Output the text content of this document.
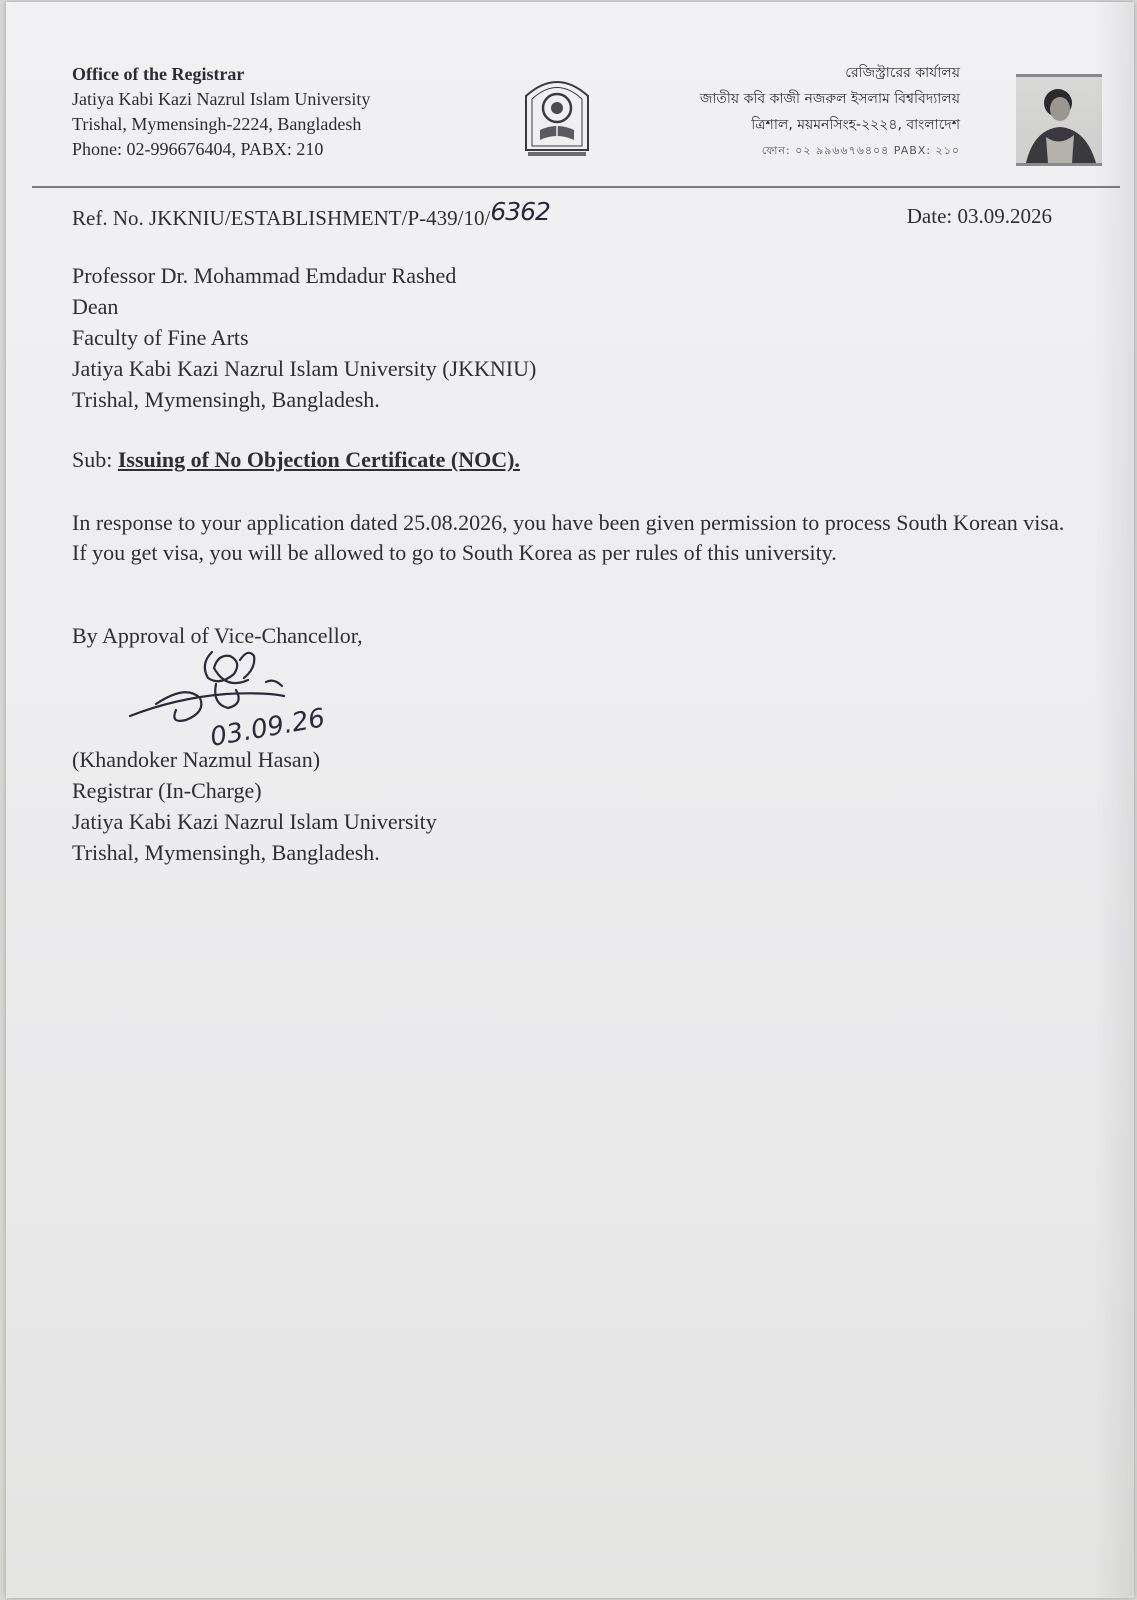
Office of the Registrar
Jatiya Kabi Kazi Nazrul Islam University
Trishal, Mymensingh-2224, Bangladesh
Phone: 02-996676404, PABX: 210
রেজিস্ট্রারের কার্যালয়
জাতীয় কবি কাজী নজরুল ইসলাম বিশ্ববিদ্যালয়
ত্রিশাল, ময়মনসিংহ-২২২৪, বাংলাদেশ
ফোন: ০২ ৯৯৬৬৭৬৪০৪ PABX: ২১০
Ref. No. JKKNIU/ESTABLISHMENT/P-439/10/6362	Date: 03.09.2026
Professor Dr. Mohammad Emdadur Rashed
Dean
Faculty of Fine Arts
Jatiya Kabi Kazi Nazrul Islam University (JKKNIU)
Trishal, Mymensingh, Bangladesh.
Sub: Issuing of No Objection Certificate (NOC).
In response to your application dated 25.08.2026, you have been given permission to process South Korean visa. If you get visa, you will be allowed to go to South Korea as per rules of this university.
By Approval of Vice-Chancellor,
03.09.26
(Khandoker Nazmul Hasan)
Registrar (In-Charge)
Jatiya Kabi Kazi Nazrul Islam University
Trishal, Mymensingh, Bangladesh.
